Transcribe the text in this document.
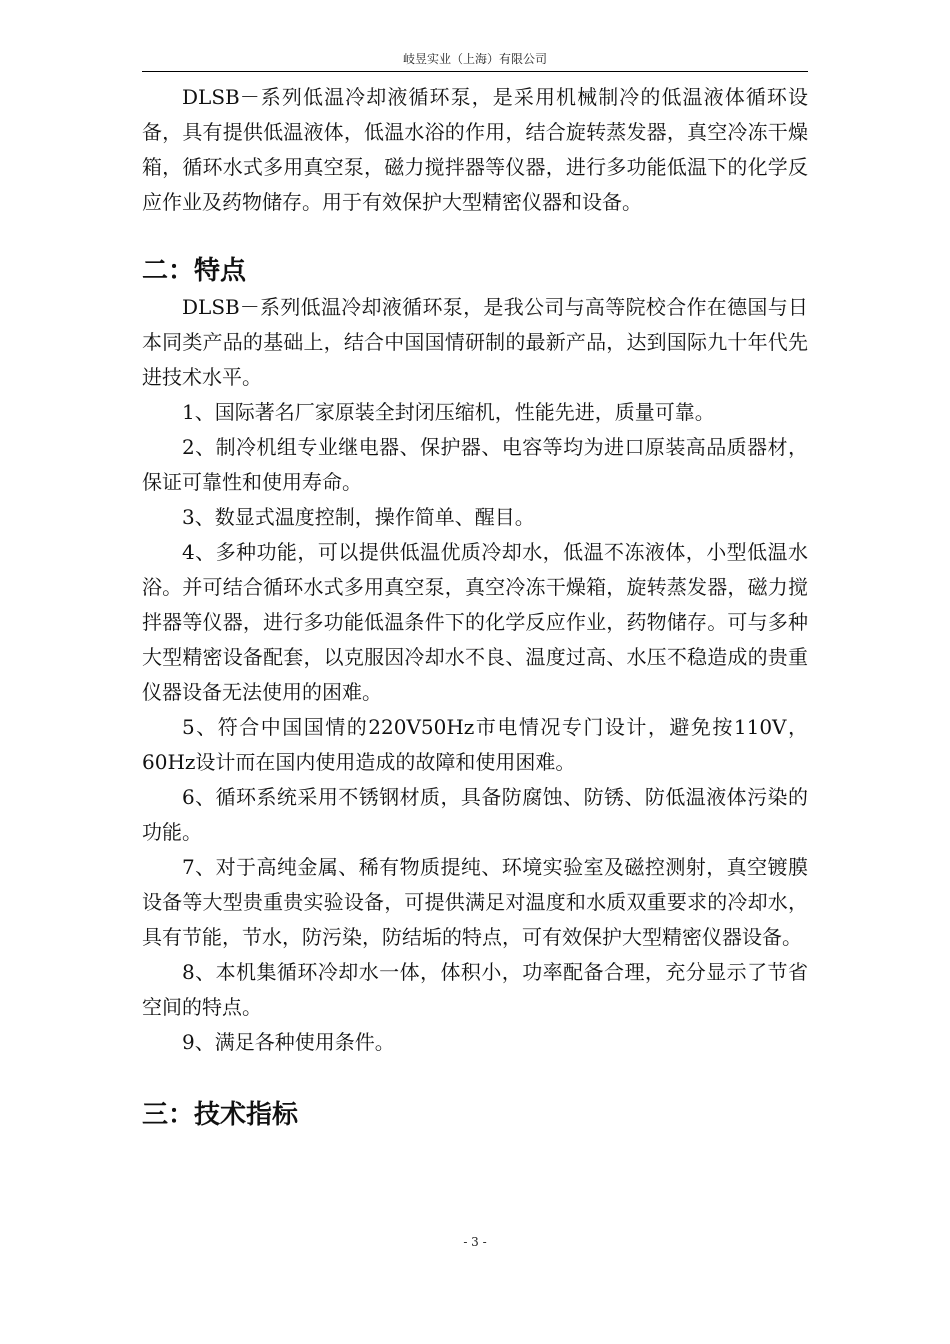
岐昱实业（上海）有限公司

DLSB－系列低温冷却液循环泵，是采用机械制冷的低温液体循环设备，具有提供低温液体，低温水浴的作用，结合旋转蒸发器，真空冷冻干燥箱，循环水式多用真空泵，磁力搅拌器等仪器，进行多功能低温下的化学反应作业及药物储存。用于有效保护大型精密仪器和设备。

二：特点

DLSB－系列低温冷却液循环泵，是我公司与高等院校合作在德国与日本同类产品的基础上，结合中国国情研制的最新产品，达到国际九十年代先进技术水平。

1、国际著名厂家原装全封闭压缩机，性能先进，质量可靠。

2、制冷机组专业继电器、保护器、电容等均为进口原装高品质器材，保证可靠性和使用寿命。

3、数显式温度控制，操作简单、醒目。

4、多种功能，可以提供低温优质冷却水，低温不冻液体，小型低温水浴。并可结合循环水式多用真空泵，真空冷冻干燥箱，旋转蒸发器，磁力搅拌器等仪器，进行多功能低温条件下的化学反应作业，药物储存。可与多种大型精密设备配套，以克服因冷却水不良、温度过高、水压不稳造成的贵重仪器设备无法使用的困难。

5、符合中国国情的220V50Hz市电情况专门设计，避免按110V，60Hz设计而在国内使用造成的故障和使用困难。

6、循环系统采用不锈钢材质，具备防腐蚀、防锈、防低温液体污染的功能。

7、对于高纯金属、稀有物质提纯、环境实验室及磁控测射，真空镀膜设备等大型贵重贵实验设备，可提供满足对温度和水质双重要求的冷却水，具有节能，节水，防污染，防结垢的特点，可有效保护大型精密仪器设备。

8、本机集循环冷却水一体，体积小，功率配备合理，充分显示了节省空间的特点。

9、满足各种使用条件。

三：技术指标
- 3 -
